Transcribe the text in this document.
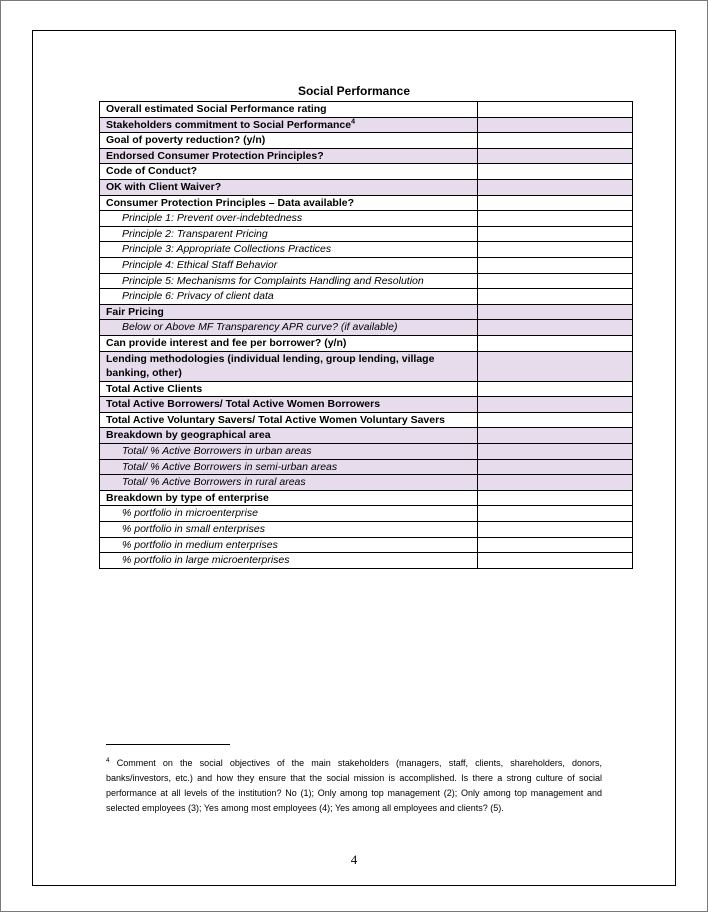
Social Performance
Overall estimated Social Performance rating	
Stakeholders commitment to Social Performance$^4$	
Goal of poverty reduction? (y/n)	
Endorsed Consumer Protection Principles?	
Code of Conduct?	
OK with Client Waiver?	
Consumer Protection Principles – Data available?	
Principle 1: Prevent over-indebtedness	
Principle 2: Transparent Pricing	
Principle 3: Appropriate Collections Practices	
Principle 4: Ethical Staff Behavior	
Principle 5: Mechanisms for Complaints Handling and Resolution	
Principle 6: Privacy of client data	
Fair Pricing	
Below or Above MF Transparency APR curve? (if available)	
Can provide interest and fee per borrower? (y/n)	
Lending methodologies (individual lending, group lending, village banking, other)	
Total Active Clients	
Total Active Borrowers/ Total Active Women Borrowers	
Total Active Voluntary Savers/ Total Active Women Voluntary Savers	
Breakdown by geographical area	
Total/ % Active Borrowers in urban areas	
Total/ % Active Borrowers in semi-urban areas	
Total/ % Active Borrowers in rural areas	
Breakdown by type of enterprise	
% portfolio in microenterprise	
% portfolio in small enterprises	
% portfolio in medium enterprises	
% portfolio in large microenterprises	
$^4$ Comment on the social objectives of the main stakeholders (managers, staff, clients, shareholders, donors, banks/investors, etc.) and how they ensure that the social mission is accomplished. Is there a strong culture of social performance at all levels of the institution? No (1); Only among top management (2); Only among top management and selected employees (3); Yes among most employees (4); Yes among all employees and clients? (5).
4
